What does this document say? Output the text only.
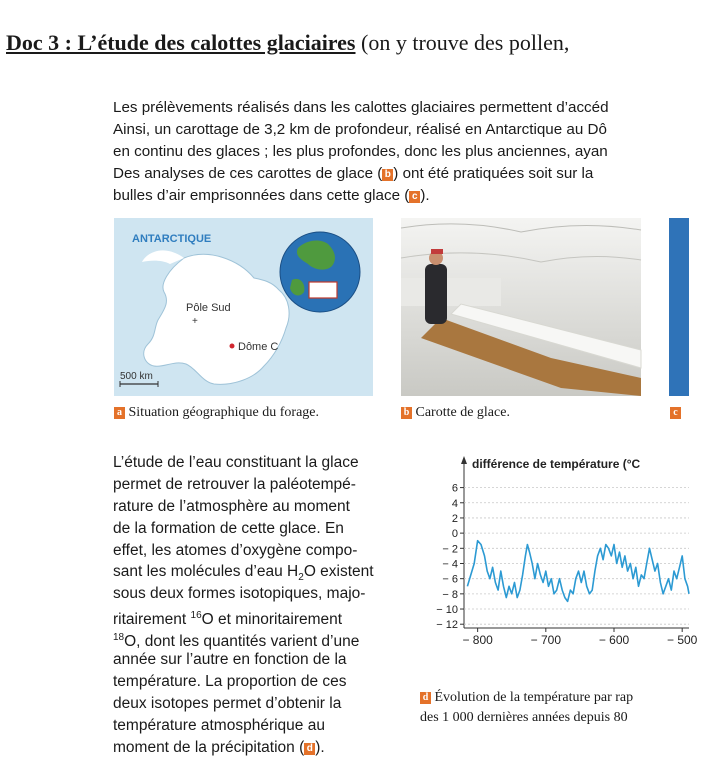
Doc 3 : L’étude des calottes glaciaires (on y trouve des pollen,
Les prélèvements réalisés dans les calottes glaciaires permettent d’accéd
Ainsi, un carottage de 3,2 km de profondeur, réalisé en Antarctique au Dô
en continu des glaces ; les plus profondes, donc les plus anciennes, ayan
Des analyses de ces carottes de glace ( b ) ont été pratiquées soit sur la
bulles d’air emprisonnées dans cette glace ( c ).
ANTARCTIQUE
Pôle Sud
+
Dôme C
500 km
a Situation géographique du forage.	b Carotte de glace.	c
L’étude de l’eau constituant la glace
permet de retrouver la paléotempé-
rature de l’atmosphère au moment
de la formation de cette glace. En
effet, les atomes d’oxygène compo-
sant les molécules d’eau $H_2O$ existent
sous deux formes isotopiques, majo-
ritairement $^{16}$O et minoritairement
$^{18}$O, dont les quantités varient d’une
année sur l’autre en fonction de la
température. La proportion de ces
deux isotopes permet d’obtenir la
température atmosphérique au
moment de la précipitation ( d ).
6
4
2
0
− 2
− 4
− 6
− 8
− 10
− 12
− 800	− 700	− 600	− 500
différence de température (°C
d Évolution de la température par rap
des 1 000 dernières années depuis 80
